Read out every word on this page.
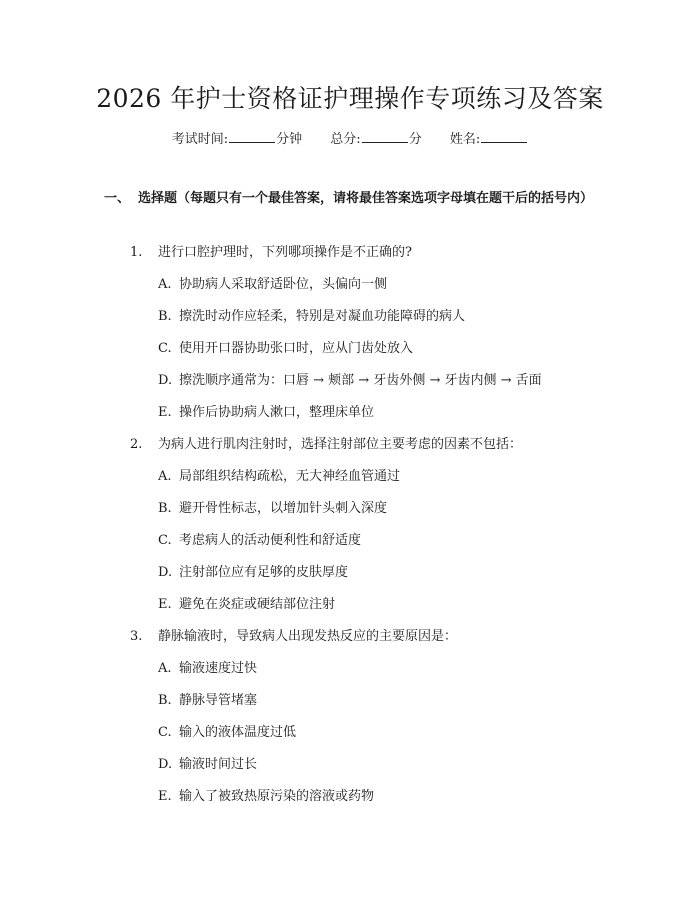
2026 年护士资格证护理操作专项练习及答案
考试时间:	分钟 总分:	分 姓名:
一、 选择题（每题只有一个最佳答案，请将最佳答案选项字母填在题干后的括号内）
1. 进行口腔护理时，下列哪项操作是不正确的?
A. 协助病人采取舒适卧位，头偏向一侧
B. 擦洗时动作应轻柔，特别是对凝血功能障碍的病人
C. 使用开口器协助张口时，应从门齿处放入
D. 擦洗顺序通常为：口唇 → 颊部 → 牙齿外侧 → 牙齿内侧 → 舌面
E. 操作后协助病人漱口，整理床单位
2. 为病人进行肌肉注射时，选择注射部位主要考虑的因素不包括：
A. 局部组织结构疏松，无大神经血管通过
B. 避开骨性标志，以增加针头刺入深度
C. 考虑病人的活动便利性和舒适度
D. 注射部位应有足够的皮肤厚度
E. 避免在炎症或硬结部位注射
3. 静脉输液时，导致病人出现发热反应的主要原因是：
A. 输液速度过快
B. 静脉导管堵塞
C. 输入的液体温度过低
D. 输液时间过长
E. 输入了被致热原污染的溶液或药物
